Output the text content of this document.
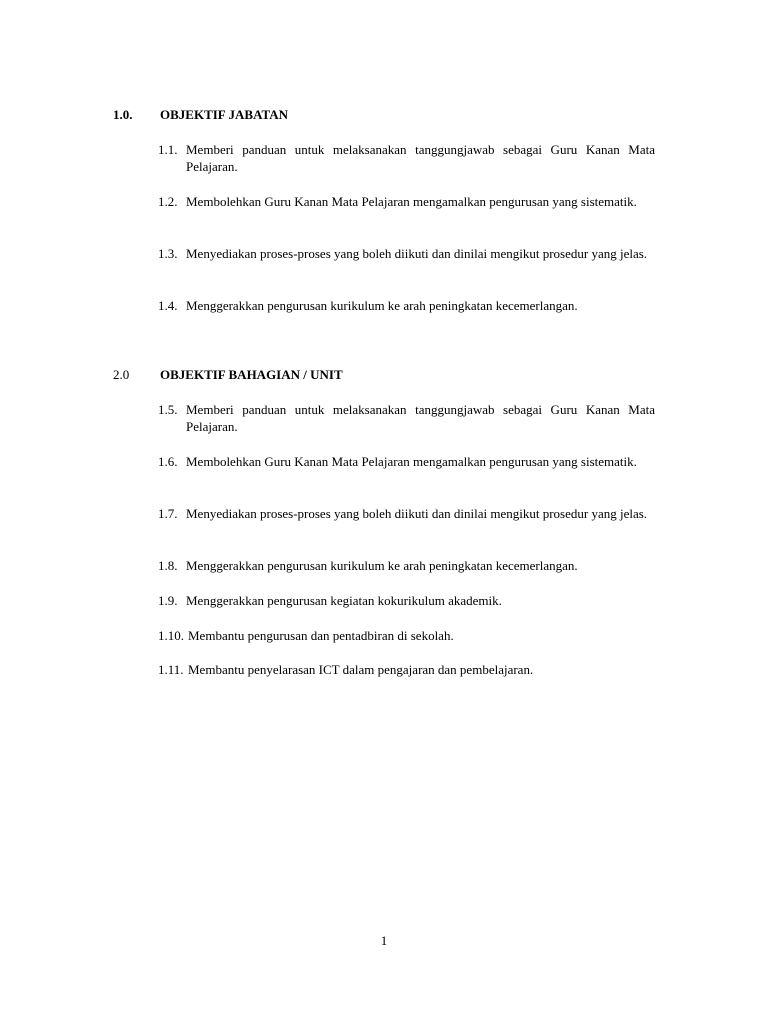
1.0. OBJEKTIF JABATAN
1.1. Memberi panduan untuk melaksanakan tanggungjawab sebagai Guru Kanan Mata Pelajaran.
1.2. Membolehkan Guru Kanan Mata Pelajaran mengamalkan pengurusan yang sistematik.
1.3. Menyediakan proses-proses yang boleh diikuti dan dinilai mengikut prosedur yang jelas.
1.4. Menggerakkan pengurusan kurikulum ke arah peningkatan kecemerlangan.
2.0 OBJEKTIF BAHAGIAN / UNIT
1.5. Memberi panduan untuk melaksanakan tanggungjawab sebagai Guru Kanan Mata Pelajaran.
1.6. Membolehkan Guru Kanan Mata Pelajaran mengamalkan pengurusan yang sistematik.
1.7. Menyediakan proses-proses yang boleh diikuti dan dinilai mengikut prosedur yang jelas.
1.8. Menggerakkan pengurusan kurikulum ke arah peningkatan kecemerlangan.
1.9. Menggerakkan pengurusan kegiatan kokurikulum akademik.
1.10. Membantu pengurusan dan pentadbiran di sekolah.
1.11. Membantu penyelarasan ICT dalam pengajaran dan pembelajaran.
1
